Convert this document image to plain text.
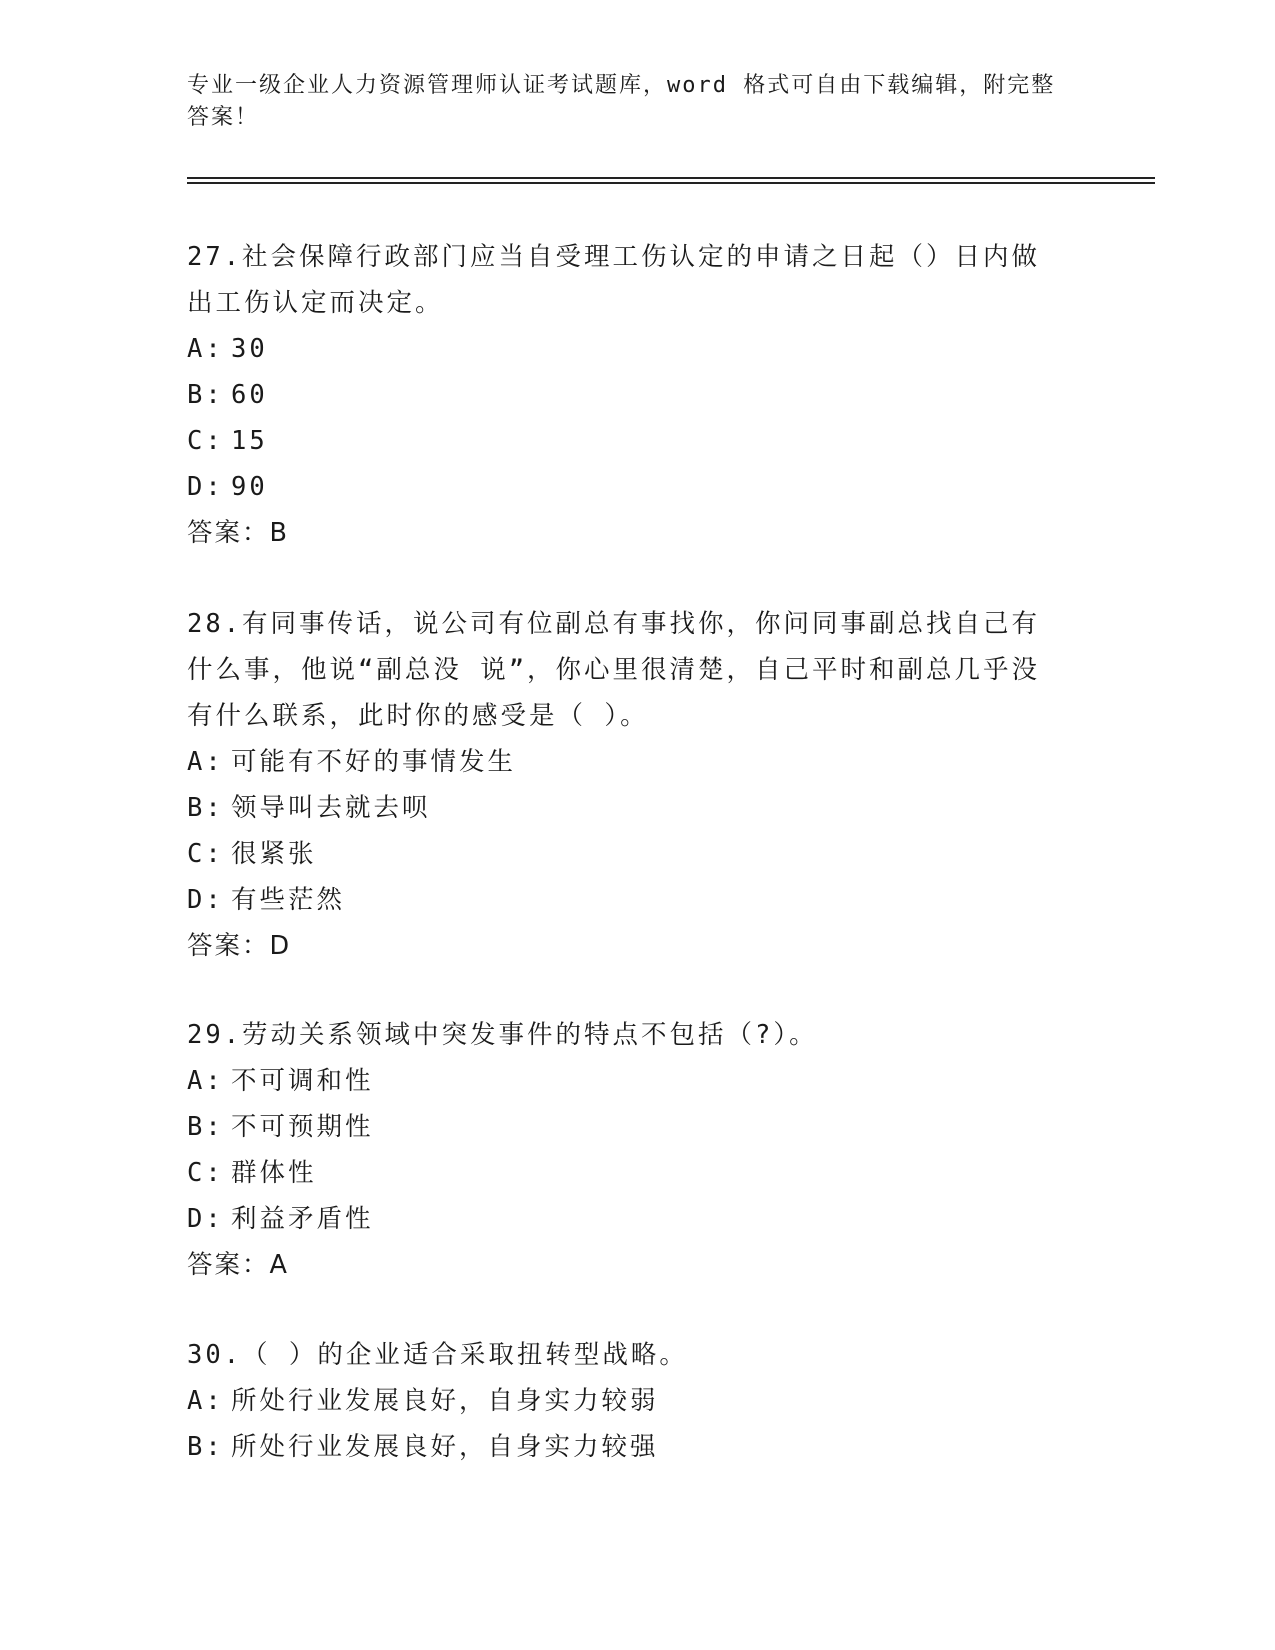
专业一级企业人力资源管理师认证考试题库，word 格式可自由下载编辑，附完整答案！
27.社会保障行政部门应当自受理工伤认定的申请之日起（）日内做出工伤认定而决定。
A: 30
B: 60
C: 15
D: 90
答案：B
28.有同事传话，说公司有位副总有事找你，你问同事副总找自己有什么事，他说“副总没 说”，你心里很清楚，自己平时和副总几乎没有什么联系，此时你的感受是（ ）。
A: 可能有不好的事情发生
B: 领导叫去就去呗
C: 很紧张
D: 有些茫然
答案：D
29.劳动关系领域中突发事件的特点不包括（?）。
A: 不可调和性
B: 不可预期性
C: 群体性
D: 利益矛盾性
答案：A
30.（ ）的企业适合采取扭转型战略。
A: 所处行业发展良好，自身实力较弱
B: 所处行业发展良好，自身实力较强
